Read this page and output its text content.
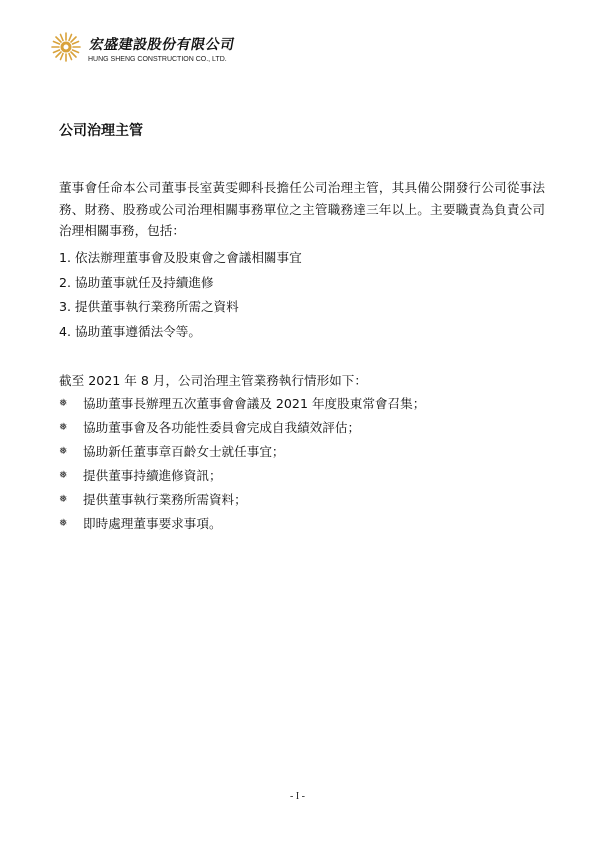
宏盛建設股份有限公司
HUNG SHENG CONSTRUCTION CO., LTD.
公司治理主管

董事會任命本公司董事長室黃雯卿科長擔任公司治理主管，其具備公開發行公司從事法務、財務、股務或公司治理相關事務單位之主管職務達三年以上。主要職責為負責公司治理相關事務，包括：

1. 依法辦理董事會及股東會之會議相關事宜
2. 協助董事就任及持續進修
3. 提供董事執行業務所需之資料
4. 協助董事遵循法令等。

截至 2021 年 8 月，公司治理主管業務執行情形如下：

❅ 協助董事長辦理五次董事會會議及 2021 年度股東常會召集；
❅ 協助董事會及各功能性委員會完成自我績效評估；
❅ 協助新任董事章百齡女士就任事宜；
❅ 提供董事持續進修資訊；
❅ 提供董事執行業務所需資料；
❅ 即時處理董事要求事項。
- I -
